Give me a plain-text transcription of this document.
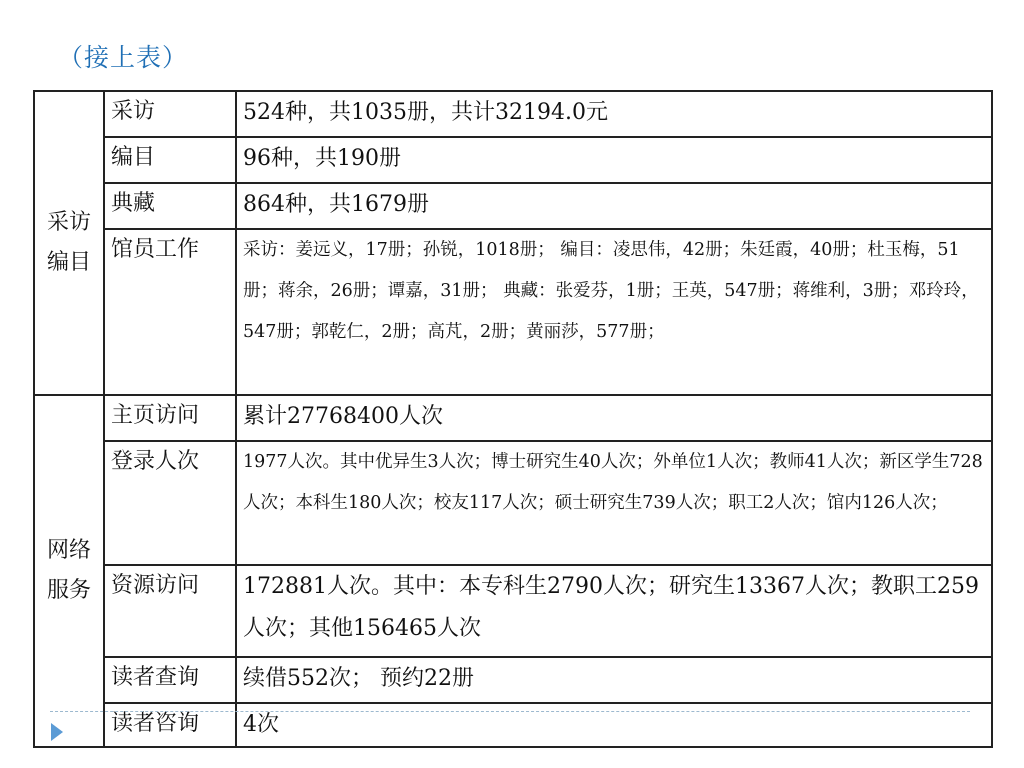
（接上表）
采访
编目	采访	524种，共1035册，共计32194.0元
	编目	96种，共190册
	典藏	864种，共1679册
	馆员工作	采访：姜远义，17册；孙锐，1018册； 编目：凌思伟，42册；朱廷霞，40册；杜玉梅，51册；蒋余，26册；谭嘉，31册； 典藏：张爱芬，1册；王英，547册；蒋维利，3册；邓玲玲，547册；郭乾仁，2册；高芃，2册；黄丽莎，577册；

网络
服务	主页访问	累计27768400人次
	登录人次	1977人次。其中优异生3人次；博士研究生40人次；外单位1人次；教师41人次；新区学生728人次；本科生180人次；校友117人次；硕士研究生739人次；职工2人次；馆内126人次；
	资源访问	172881人次。其中：本专科生2790人次；研究生13367人次；教职工259人次；其他156465人次
	读者查询	续借552次； 预约22册
	读者咨询	4次
